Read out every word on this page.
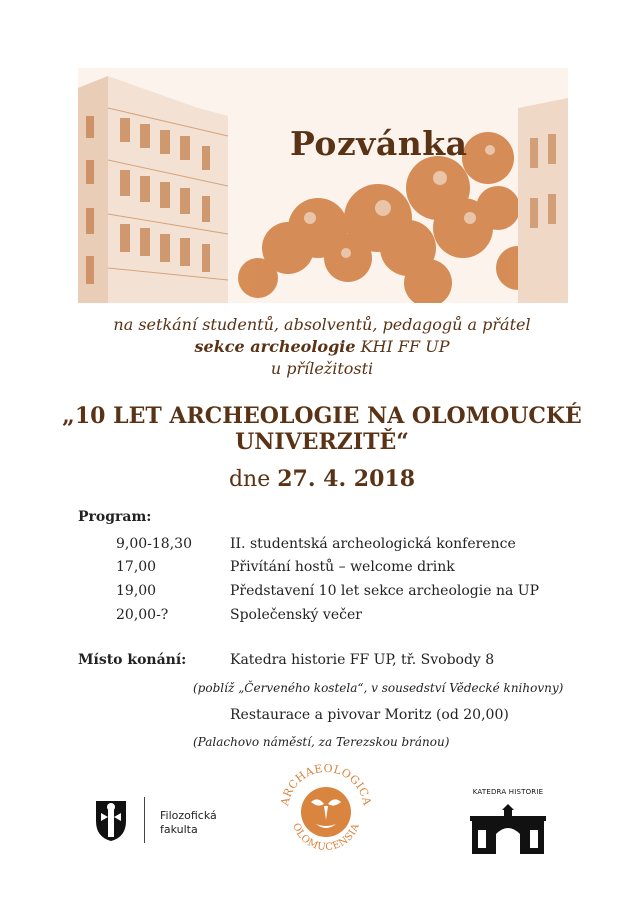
Pozvánka
na setkání studentů, absolventů, pedagogů a přátel
sekce archeologie KHI FF UP
u příležitosti
„10 LET ARCHEOLOGIE NA OLOMOUCKÉ UNIVERZITĚ“
dne 27. 4. 2018
Program:
9,00-18,30	II. studentská archeologická konference
17,00	Přivítání hostů – welcome drink
19,00	Představení 10 let sekce archeologie na UP
20,00-?	Společenský večer
Místo konání:	Katedra historie FF UP, tř. Svobody 8
(poblíž „Červeného kostela“, v sousedství Vědecké knihovny)
Restaurace a pivovar Moritz (od 20,00)
(Palachovo náměstí, za Terezskou bránou)
Filozofická
fakulta
ARCHAEOLOGICA
OLOMUCENSIA
KATEDRA HISTORIE
